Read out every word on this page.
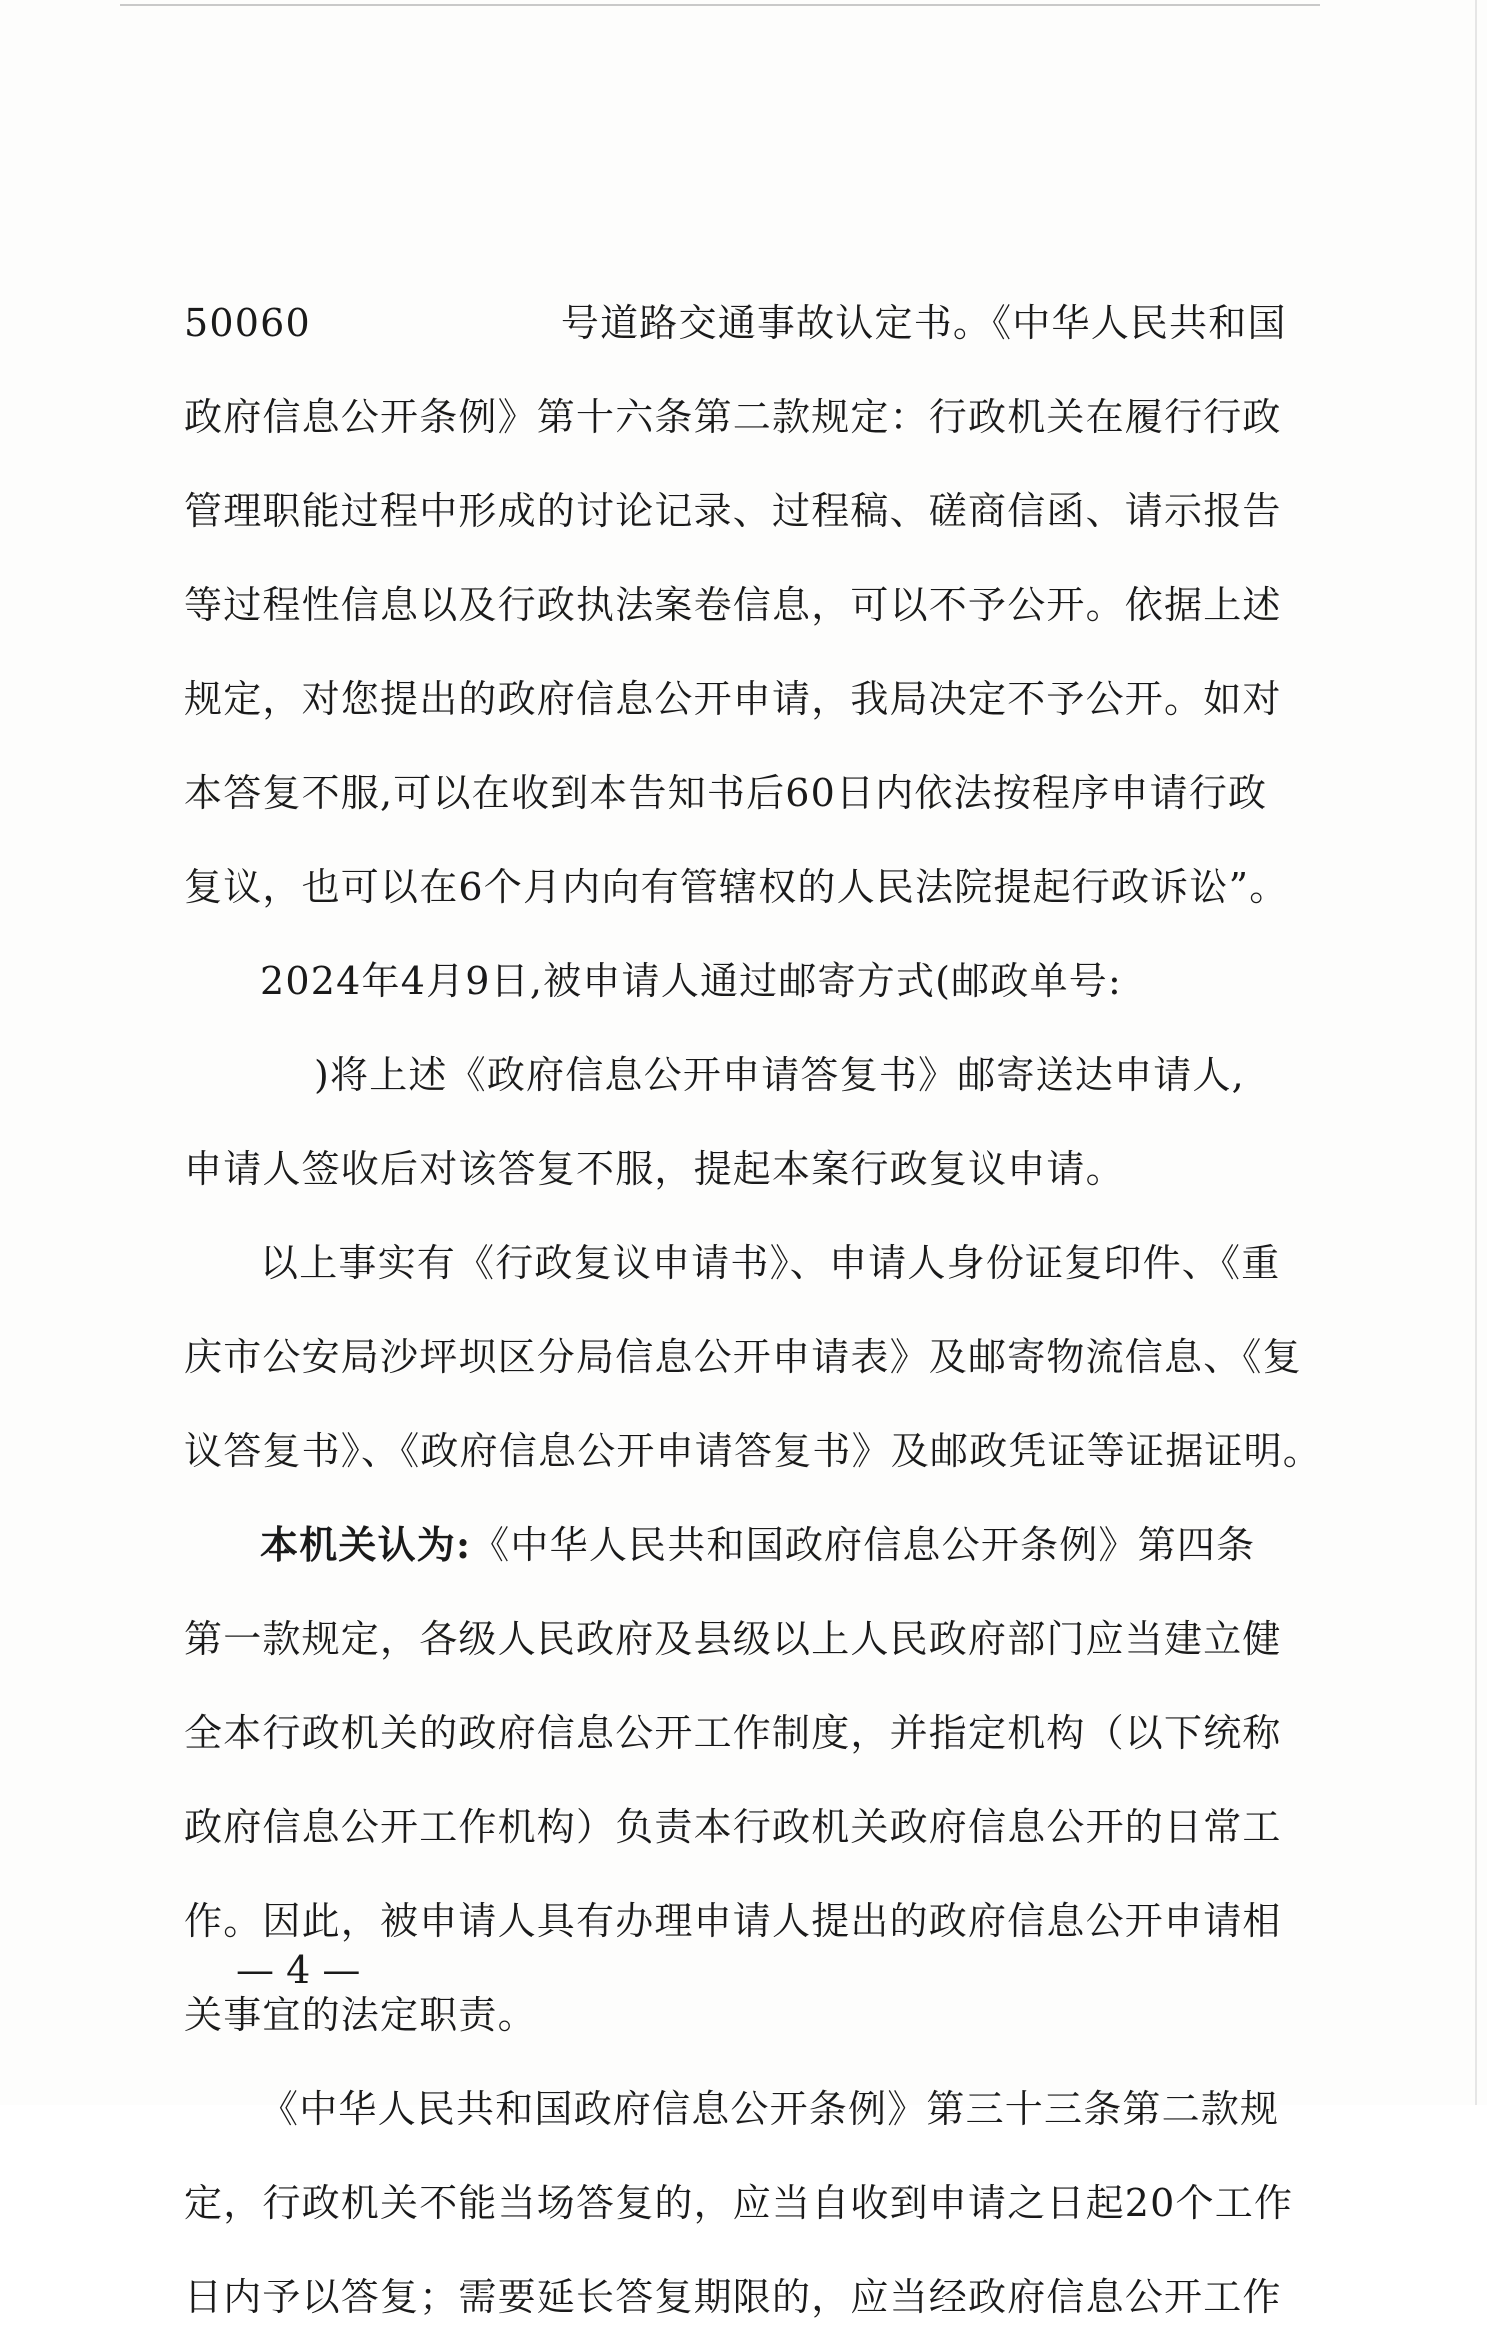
50060	号道路交通事故认定书。《中华人民共和国
政府信息公开条例》第十六条第二款规定：行政机关在履行行政
管理职能过程中形成的讨论记录、过程稿、磋商信函、请示报告
等过程性信息以及行政执法案卷信息，可以不予公开。依据上述
规定，对您提出的政府信息公开申请，我局决定不予公开。如对
本答复不服,可以在收到本告知书后60日内依法按程序申请行政
复议，也可以在6个月内向有管辖权的人民法院提起行政诉讼”。
2024年4月9日,被申请人通过邮寄方式(邮政单号:
)将上述《政府信息公开申请答复书》邮寄送达申请人,
申请人签收后对该答复不服，提起本案行政复议申请。
以上事实有《行政复议申请书》、申请人身份证复印件、《重
庆市公安局沙坪坝区分局信息公开申请表》及邮寄物流信息、《复
议答复书》、《政府信息公开申请答复书》及邮政凭证等证据证明。
本机关认为:《中华人民共和国政府信息公开条例》第四条
第一款规定，各级人民政府及县级以上人民政府部门应当建立健
全本行政机关的政府信息公开工作制度，并指定机构（以下统称
政府信息公开工作机构）负责本行政机关政府信息公开的日常工
作。因此，被申请人具有办理申请人提出的政府信息公开申请相
关事宜的法定职责。
《中华人民共和国政府信息公开条例》第三十三条第二款规
定，行政机关不能当场答复的，应当自收到申请之日起20个工作
日内予以答复；需要延长答复期限的，应当经政府信息公开工作
— 4 —
